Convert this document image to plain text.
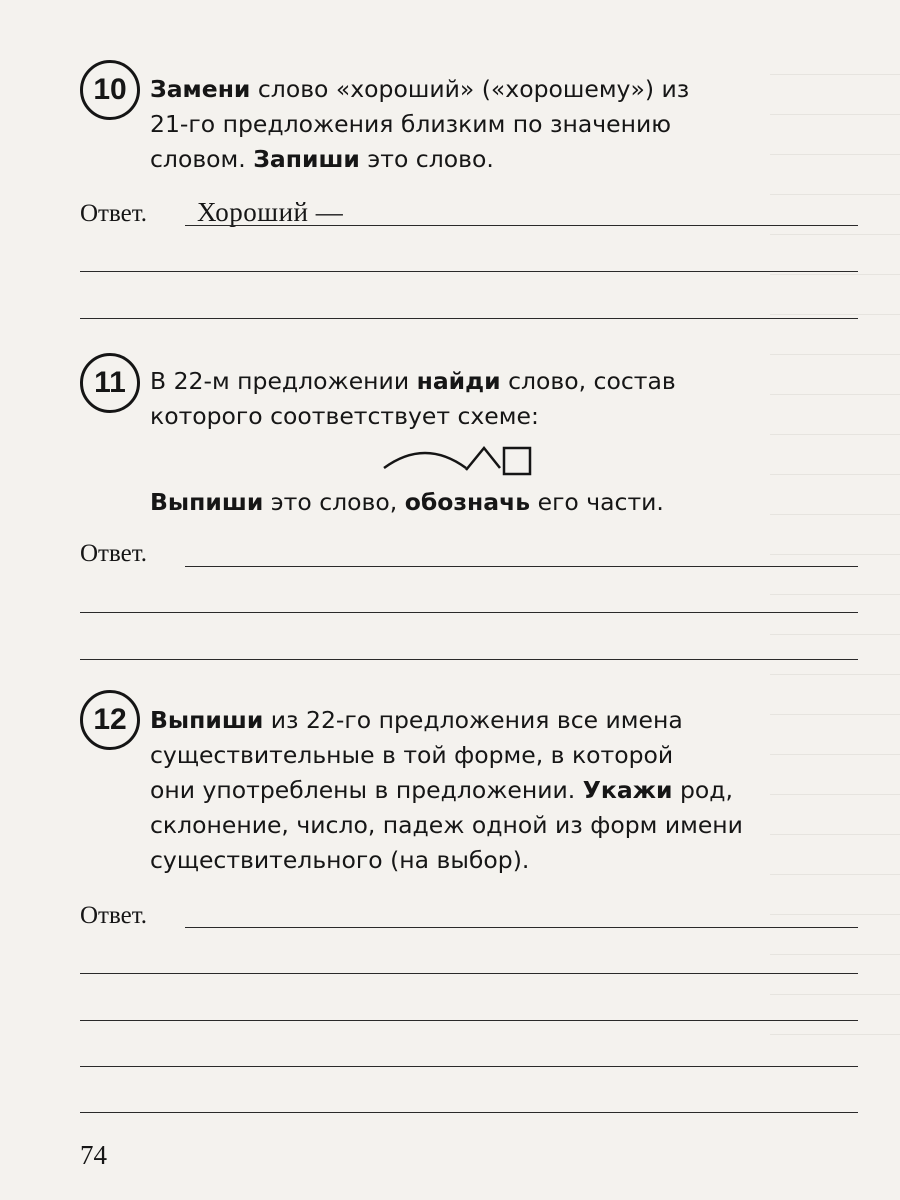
10 Замени слово «хороший» («хорошему») из
21-го предложения близким по значению
словом. Запиши это слово.
Ответ. Хороший —
11 В 22-м предложении найди слово, состав
которого соответствует схеме:
Выпиши это слово, обозначь его части.
Ответ.
12 Выпиши из 22-го предложения все имена
существительные в той форме, в которой
они употреблены в предложении. Укажи род,
склонение, число, падеж одной из форм имени
существительного (на выбор).
Ответ.
74
